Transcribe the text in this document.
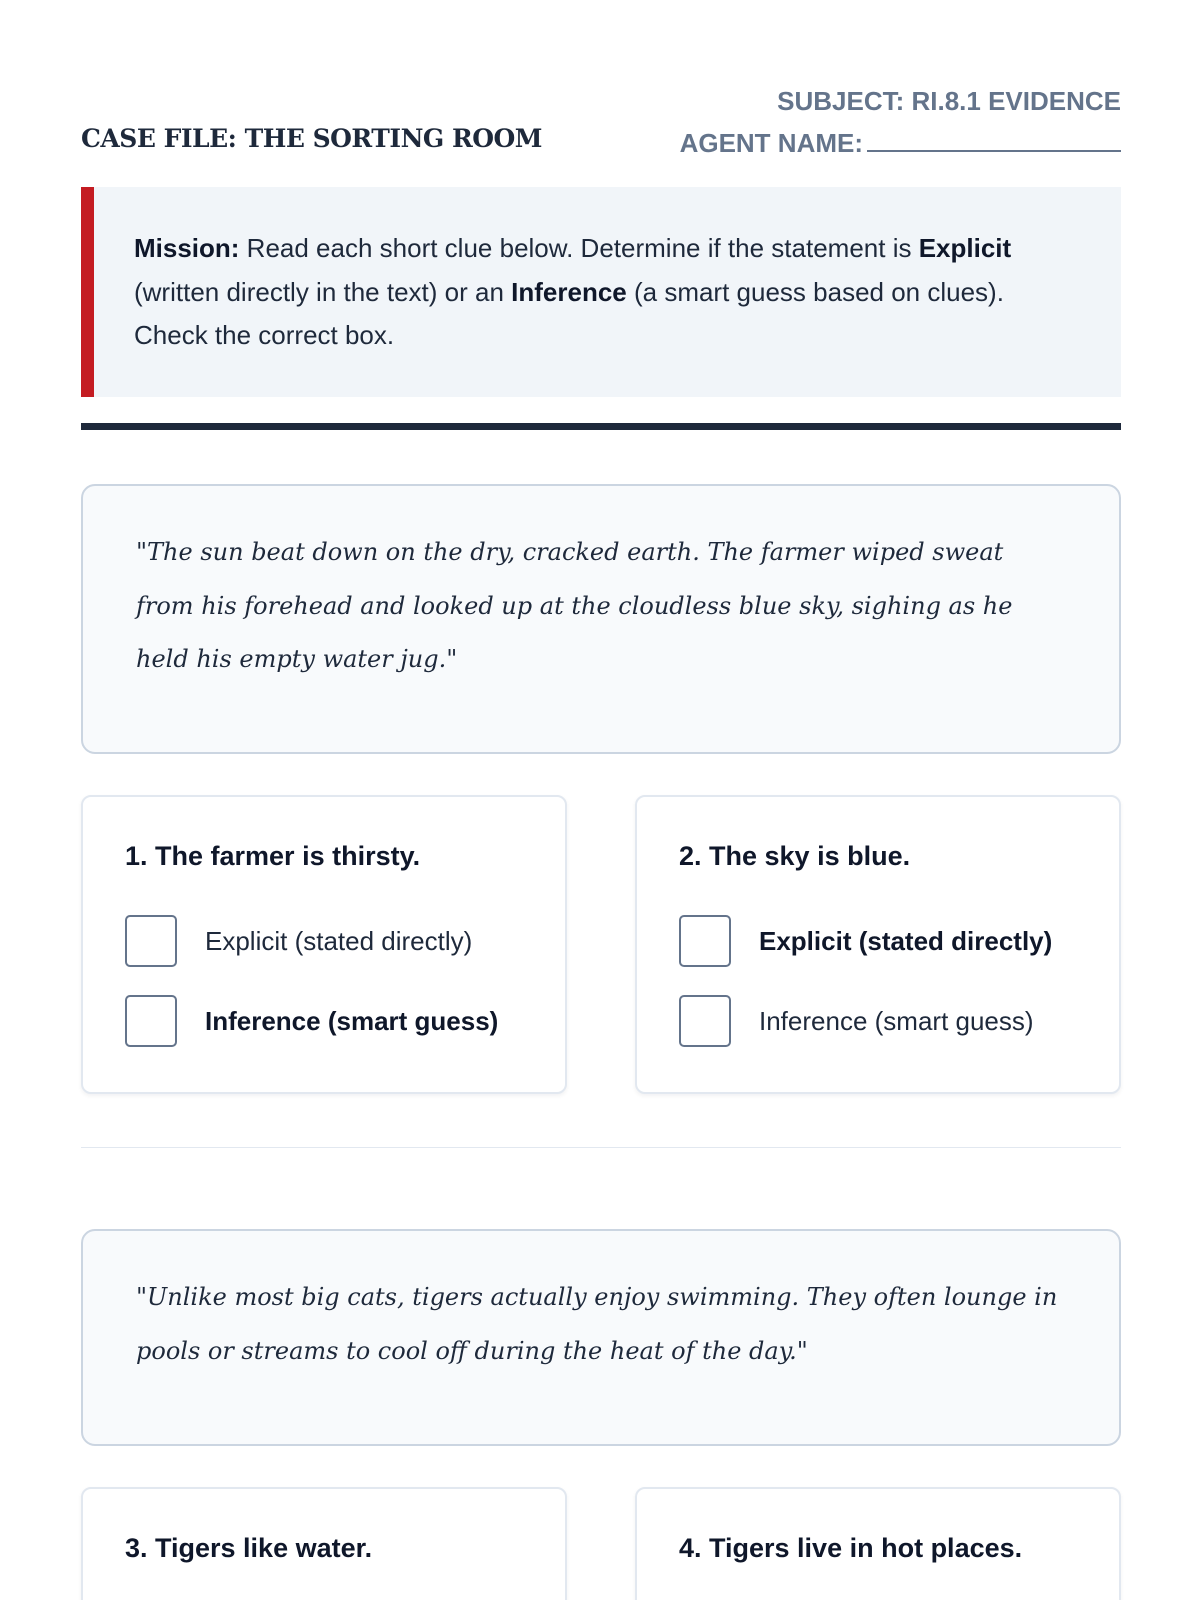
CASE FILE: THE SORTING ROOM
SUBJECT: RI.8.1 EVIDENCE
AGENT NAME:

Mission: Read each short clue below. Determine if the statement is Explicit (written directly in the text) or an Inference (a smart guess based on clues). Check the correct box.

"The sun beat down on the dry, cracked earth. The farmer wiped sweat from his forehead and looked up at the cloudless blue sky, sighing as he held his empty water jug."

1. The farmer is thirsty.
Explicit (stated directly)
Inference (smart guess)
2. The sky is blue.
Explicit (stated directly)
Inference (smart guess)

"Unlike most big cats, tigers actually enjoy swimming. They often lounge in pools or streams to cool off during the heat of the day."

3. Tigers like water.	4. Tigers live in hot places.
